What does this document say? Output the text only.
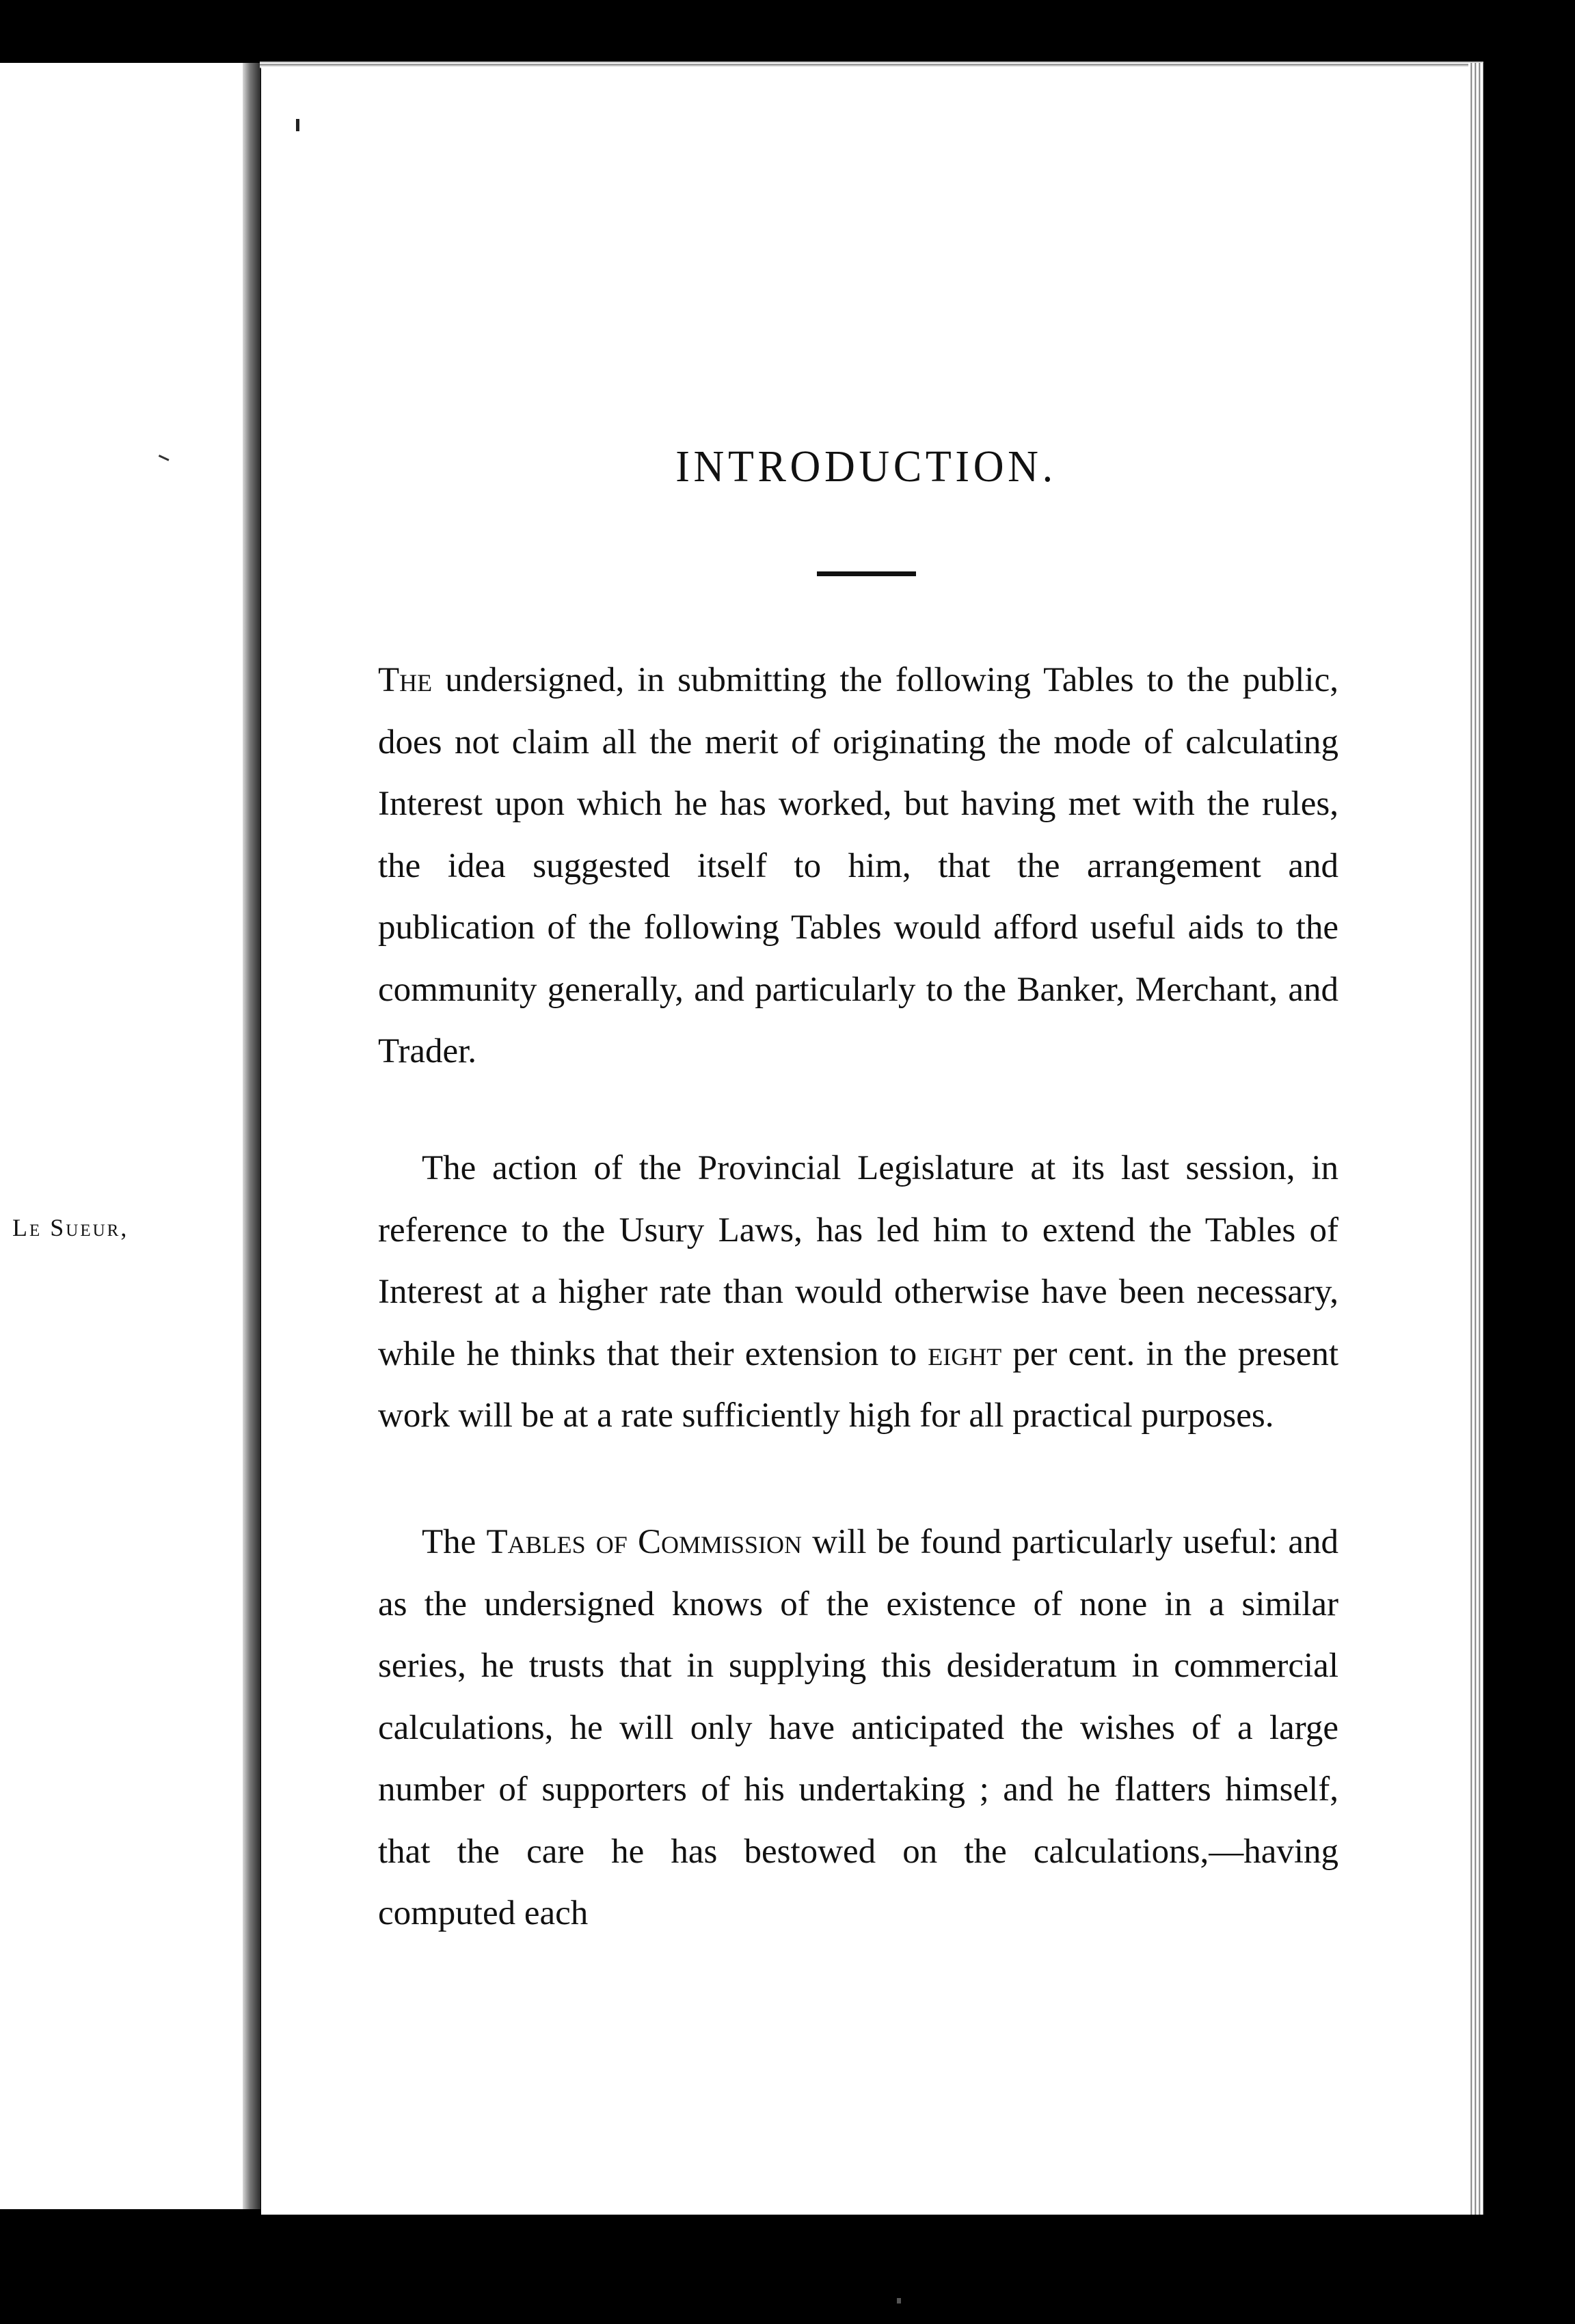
Le Sueur,
INTRODUCTION.

The undersigned, in submitting the following Tables to the public, does not claim all the merit of originating the mode of calculating Interest upon which he has worked, but having met with the rules, the idea suggested itself to him, that the arrangement and publication of the following Tables would afford useful aids to the community generally, and particularly to the Banker, Merchant, and Trader.

The action of the Provincial Legislature at its last session, in reference to the Usury Laws, has led him to extend the Tables of Interest at a higher rate than would otherwise have been necessary, while he thinks that their extension to eight per cent. in the present work will be at a rate sufficiently high for all practical purposes.

The Tables of Commission will be found particularly useful: and as the undersigned knows of the existence of none in a similar series, he trusts that in supplying this desideratum in commercial calculations, he will only have anticipated the wishes of a large number of supporters of his undertaking ; and he flatters himself, that the care he has bestowed on the calculations,—having computed each
